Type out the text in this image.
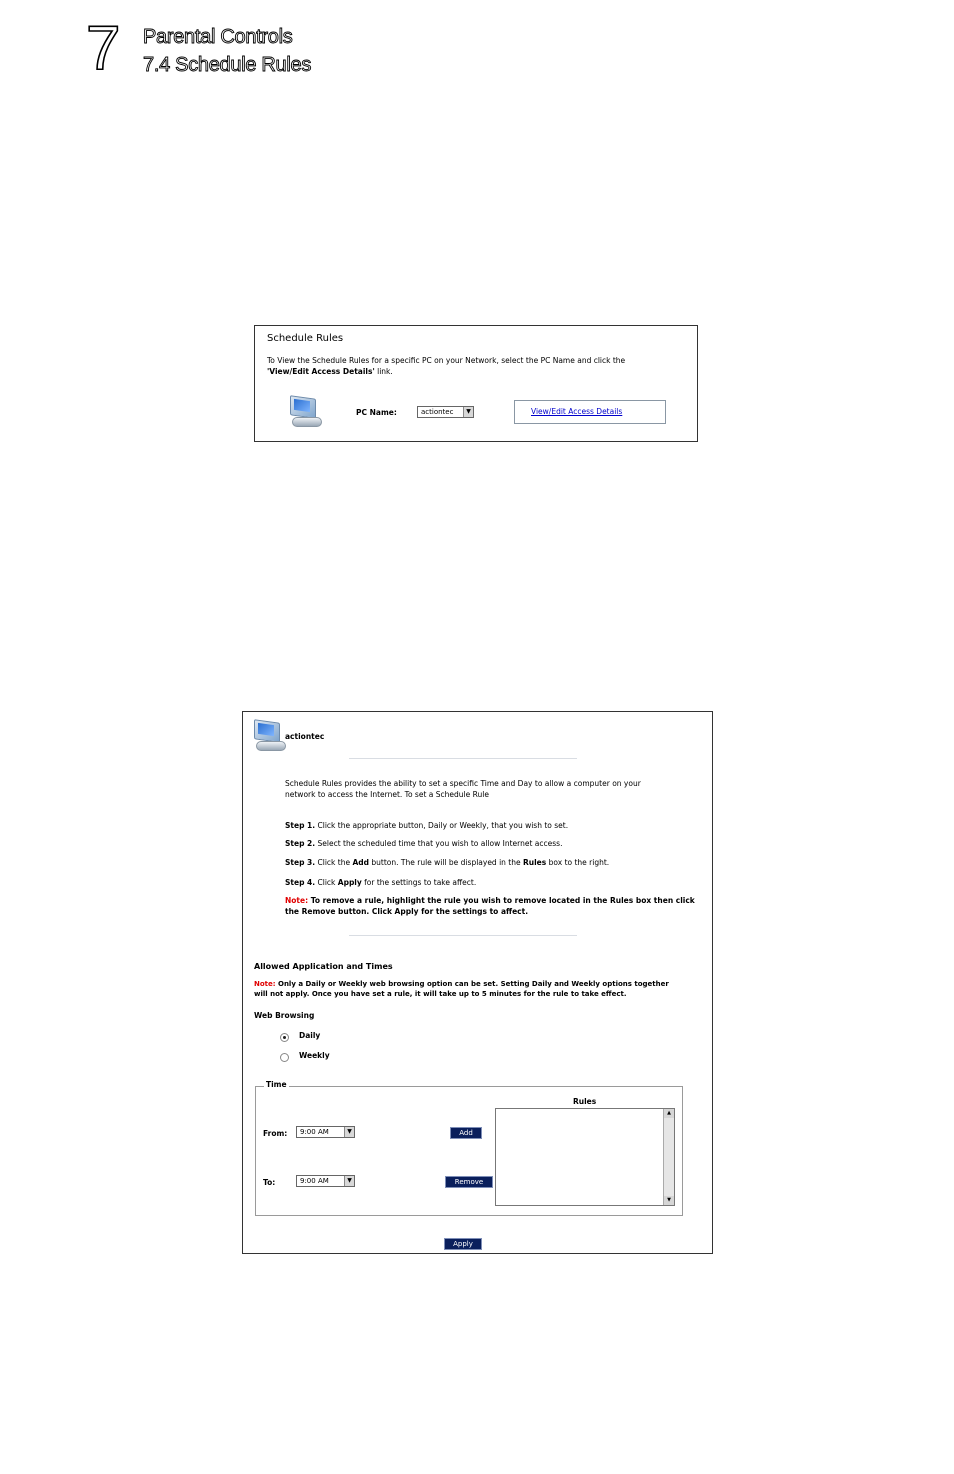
7 Parental Controls
7.4 Schedule Rules
Schedule Rules
To View the Schedule Rules for a specific PC on your Network, select the PC Name and click the
'View/Edit Access Details' link.
PC Name:	actiontec	▼	View/Edit Access Details
actiontec
Schedule Rules provides the ability to set a specific Time and Day to allow a computer on your
network to access the Internet. To set a Schedule Rule
Step 1. Click the appropriate button, Daily or Weekly, that you wish to set.
Step 2. Select the scheduled time that you wish to allow Internet access.
Step 3. Click the Add button. The rule will be displayed in the Rules box to the right.
Step 4. Click Apply for the settings to take affect.
Note: To remove a rule, highlight the rule you wish to remove located in the Rules box then click
the Remove button. Click Apply for the settings to affect.
Allowed Application and Times
Note: Only a Daily or Weekly web browsing option can be set. Setting Daily and Weekly options together
will not apply. Once you have set a rule, it will take up to 5 minutes for the rule to take effect.
Web Browsing
Daily
Weekly
Time
From:	9:00 AM	▼
To:	9:00 AM	▼
Add
Remove
Rules
▲
▼
Apply
